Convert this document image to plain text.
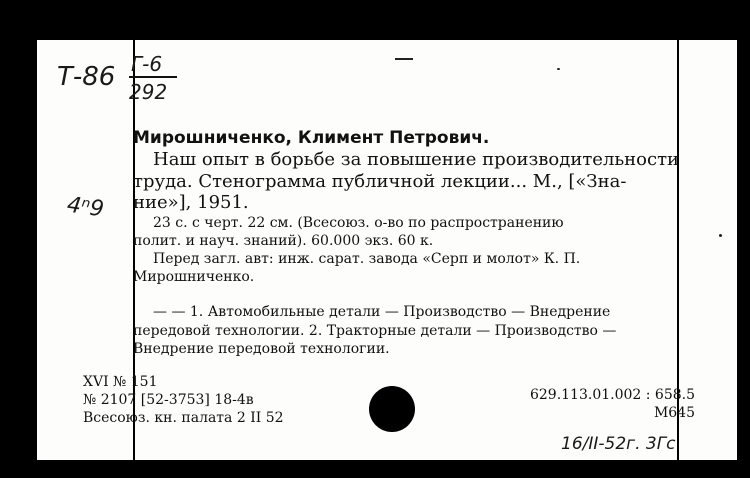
Т-86 Г-6
292
4ⁿ9
Мирошниченко, Климент Петрович.
Наш опыт в борьбе за повышение производительности
труда. Стенограмма публичной лекции... М., [«Зна-
ние»], 1951.
23 с. с черт. 22 см. (Всесоюз. о-во по распространению
полит. и науч. знаний). 60.000 экз. 60 к.
Перед загл. авт: инж. сарат. завода «Серп и молот» К. П.
Мирошниченко.
— — 1. Автомобильные детали — Производство — Внедрение
передовой технологии. 2. Тракторные детали — Производство —
Внедрение передовой технологии.
XVI № 151
№ 2107 [52-3753] 18-4в
Всесоюз. кн. палата 2 II 52
629.113.01.002 : 658.5
М645
16/II-52г. 3Гс
